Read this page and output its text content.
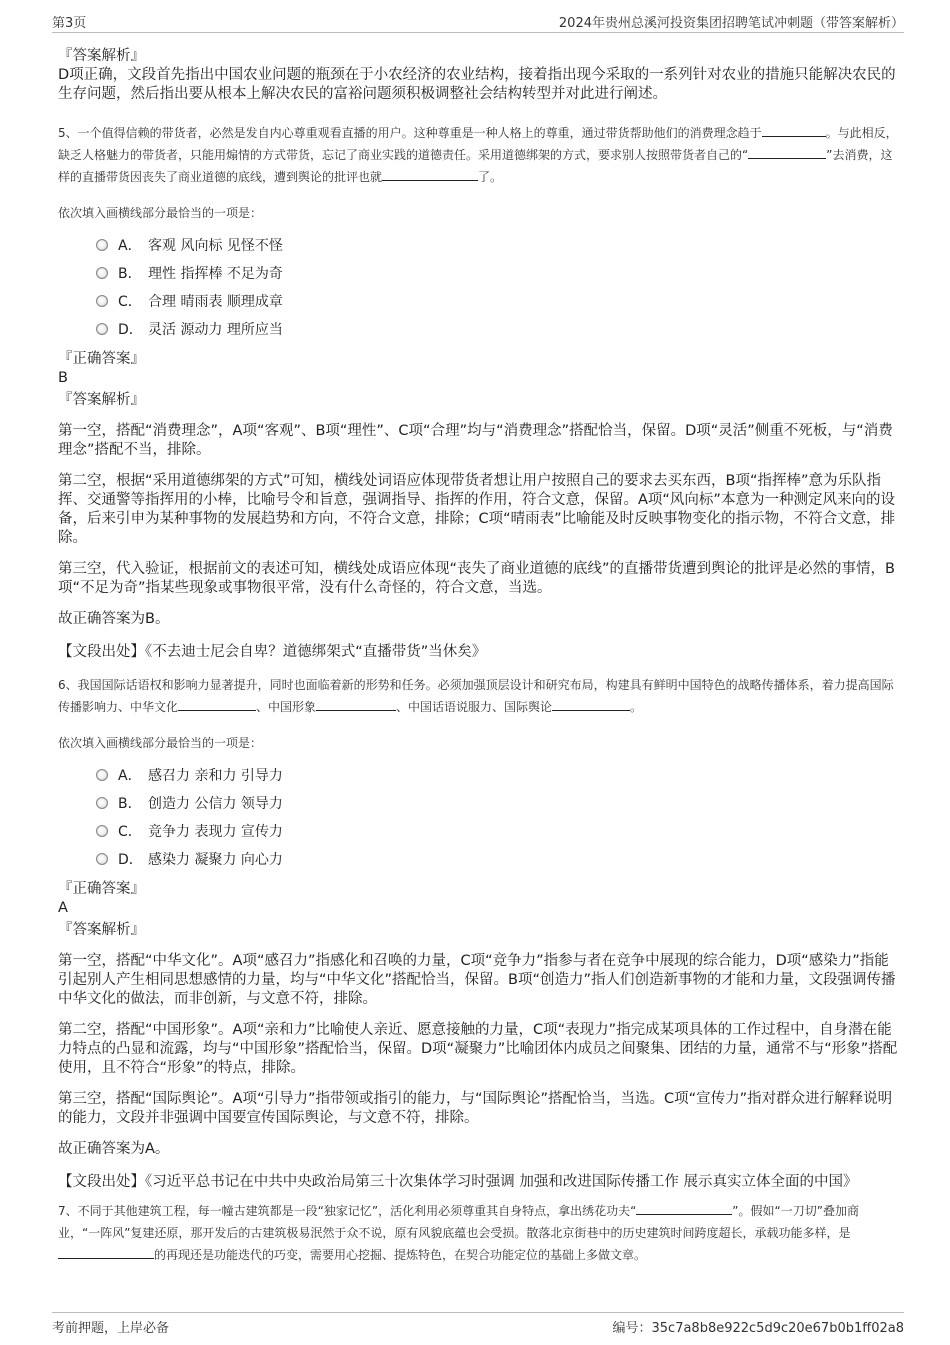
第3页	2024年贵州总溪河投资集团招聘笔试冲刺题（带答案解析）

『答案解析』

D项正确，文段首先指出中国农业问题的瓶颈在于小农经济的农业结构，接着指出现今采取的一系列针对农业的措施只能解决农民的生存问题，然后指出要从根本上解决农民的富裕问题须积极调整社会结构转型并对此进行阐述。

5、一个值得信赖的带货者，必然是发自内心尊重观看直播的用户。这种尊重是一种人格上的尊重，通过带货帮助他们的消费理念趋于	。与此相反，缺乏人格魅力的带货者，只能用煽情的方式带货，忘记了商业实践的道德责任。采用道德绑架的方式，要求别人按照带货者自己的“	”去消费，这样的直播带货因丧失了商业道德的底线，遭到舆论的批评也就	了。

依次填入画横线部分最恰当的一项是：

A． 客观 风向标 见怪不怪
B． 理性 指挥棒 不足为奇
C． 合理 晴雨表 顺理成章
D． 灵活 源动力 理所应当

『正确答案』

B

『答案解析』

第一空，搭配“消费理念”，A项“客观”、B项“理性”、C项“合理”均与“消费理念”搭配恰当，保留。D项“灵活”侧重不死板，与“消费理念”搭配不当，排除。

第二空，根据“采用道德绑架的方式”可知，横线处词语应体现带货者想让用户按照自己的要求去买东西，B项“指挥棒”意为乐队指挥、交通警等指挥用的小棒，比喻号令和旨意，强调指导、指挥的作用，符合文意，保留。A项“风向标”本意为一种测定风来向的设备，后来引申为某种事物的发展趋势和方向，不符合文意，排除；C项“晴雨表”比喻能及时反映事物变化的指示物，不符合文意，排除。

第三空，代入验证，根据前文的表述可知，横线处成语应体现“丧失了商业道德的底线”的直播带货遭到舆论的批评是必然的事情，B项“不足为奇”指某些现象或事物很平常，没有什么奇怪的，符合文意，当选。

故正确答案为B。

【文段出处】《不去迪士尼会自卑？道德绑架式“直播带货”当休矣》

6、我国国际话语权和影响力显著提升，同时也面临着新的形势和任务。必须加强顶层设计和研究布局，构建具有鲜明中国特色的战略传播体系，着力提高国际传播影响力、中华文化	、中国形象	、中国话语说服力、国际舆论	。

依次填入画横线部分最恰当的一项是：

A． 感召力 亲和力 引导力
B． 创造力 公信力 领导力
C． 竞争力 表现力 宣传力
D． 感染力 凝聚力 向心力

『正确答案』

A

『答案解析』

第一空，搭配“中华文化”。A项“感召力”指感化和召唤的力量，C项“竞争力”指参与者在竞争中展现的综合能力，D项“感染力”指能引起别人产生相同思想感情的力量，均与“中华文化”搭配恰当，保留。B项“创造力”指人们创造新事物的才能和力量，文段强调传播中华文化的做法，而非创新，与文意不符，排除。

第二空，搭配“中国形象”。A项“亲和力”比喻使人亲近、愿意接触的力量，C项“表现力”指完成某项具体的工作过程中，自身潜在能力特点的凸显和流露，均与“中国形象”搭配恰当，保留。D项“凝聚力”比喻团体内成员之间聚集、团结的力量，通常不与“形象”搭配使用，且不符合“形象”的特点，排除。

第三空，搭配“国际舆论”。A项“引导力”指带领或指引的能力，与“国际舆论”搭配恰当，当选。C项“宣传力”指对群众进行解释说明的能力，文段并非强调中国要宣传国际舆论，与文意不符，排除。

故正确答案为A。

【文段出处】《习近平总书记在中共中央政治局第三十次集体学习时强调 加强和改进国际传播工作 展示真实立体全面的中国》

7、不同于其他建筑工程，每一幢古建筑都是一段“独家记忆”，活化利用必须尊重其自身特点，拿出绣花功夫“	”。假如“一刀切”叠加商业，“一阵风”复建还原，那开发后的古建筑极易泯然于众不说，原有风貌底蕴也会受损。散落北京街巷中的历史建筑时间跨度超长，承载功能多样，是的再现还是功能迭代的巧变，需要用心挖掘、提炼特色，在契合功能定位的基础上多做文章。

考前押题，上岸必备	编号：35c7a8b8e922c5d9c20e67b0b1ff02a8
